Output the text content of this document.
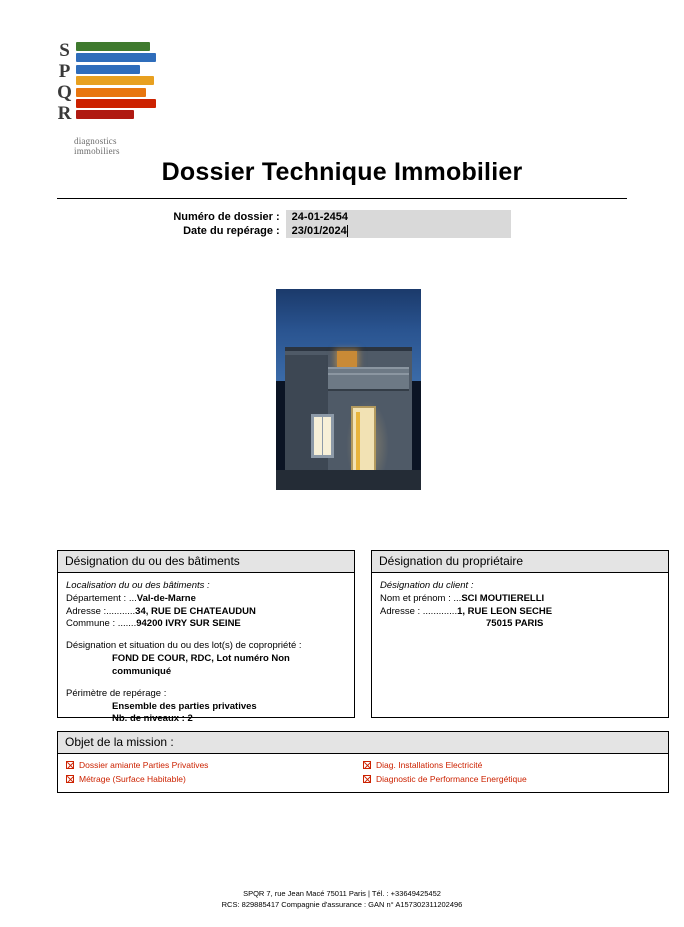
SPQR
diagnostics immobiliers
Dossier Technique Immobilier
Numéro de dossier :	24-01-2454
Date du repérage :	23/01/2024
Désignation du ou des bâtiments
Localisation du ou des bâtiments :
Département : ...Val-de-Marne
Adresse :...........34, RUE DE CHATEAUDUN
Commune : .......94200 IVRY SUR SEINE
Désignation et situation du ou des lot(s) de copropriété :
FOND DE COUR, RDC, Lot numéro Non
communiqué
Périmètre de repérage :
Ensemble des parties privatives
Nb. de niveaux : 2
Désignation du propriétaire
Désignation du client :
Nom et prénom : ...SCI MOUTIERELLI
Adresse : .............1, RUE LEON SECHE
75015 PARIS
Objet de la mission :
Dossier amiante Parties Privatives
Métrage (Surface Habitable)
Diag. Installations Electricité
Diagnostic de Performance Energétique
SPQR 7, rue Jean Macé 75011 Paris | Tél. : +33649425452
RCS: 829885417 Compagnie d'assurance : GAN n° A157302311202496
